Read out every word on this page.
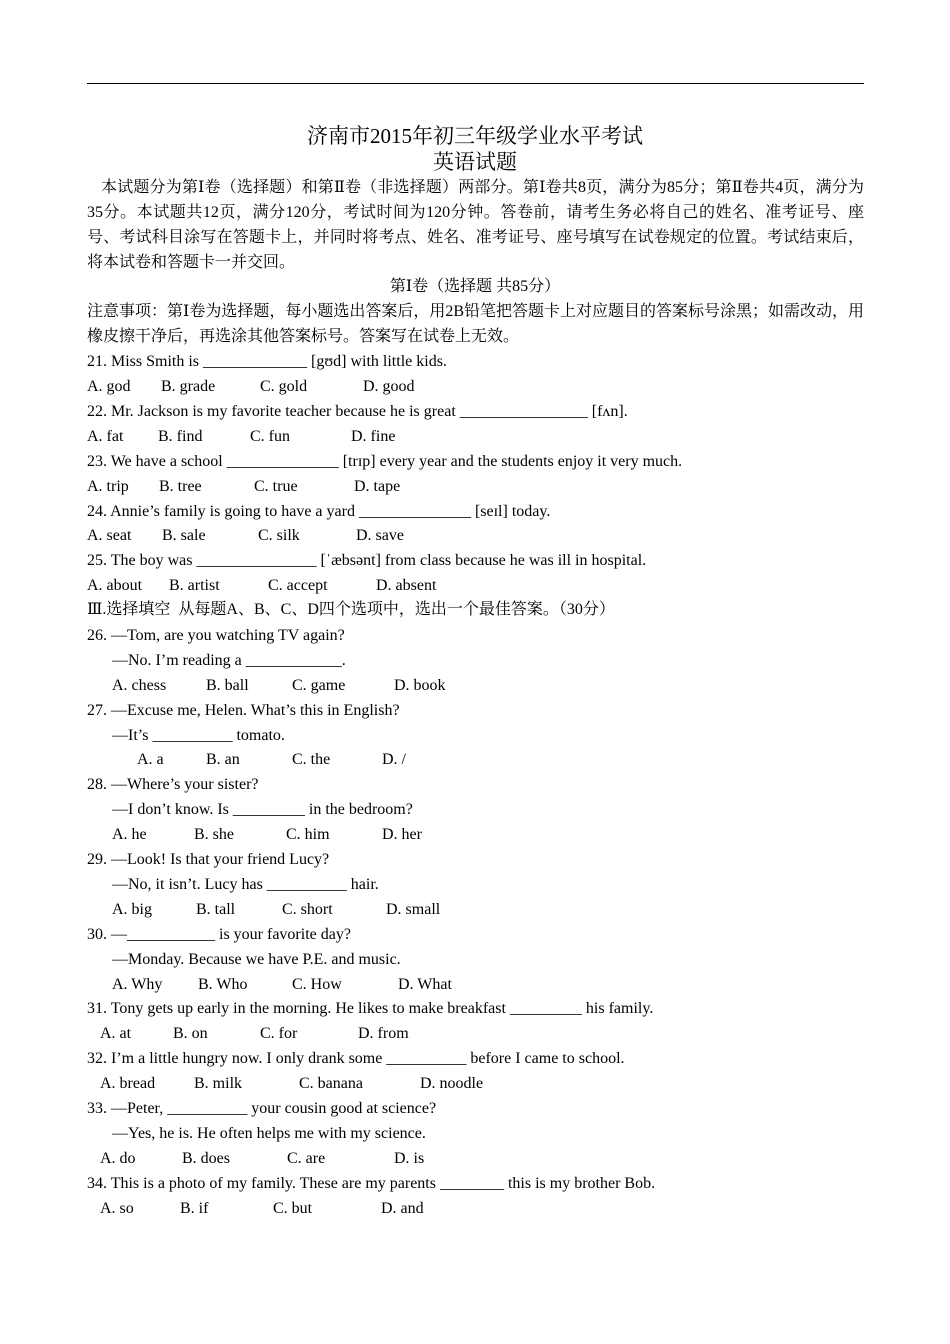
济南市2015年初三年级学业水平考试
英语试题
本试题分为第Ⅰ卷（选择题）和第Ⅱ卷（非选择题）两部分。第Ⅰ卷共8页，满分为85分；第Ⅱ卷共4页，满分为35分。本试题共12页，满分120分，考试时间为120分钟。答卷前，请考生务必将自己的姓名、准考证号、座号、考试科目涂写在答题卡上，并同时将考点、姓名、准考证号、座号填写在试卷规定的位置。考试结束后，将本试卷和答题卡一并交回。
第Ⅰ卷（选择题 共85分）
注意事项：第Ⅰ卷为选择题，每小题选出答案后，用2B铅笔把答题卡上对应题目的答案标号涂黑；如需改动，用橡皮擦干净后，再选涂其他答案标号。答案写在试卷上无效。
21. Miss Smith is _____________ [gʊd] with little kids.
A. god B. grade	C. gold	D. good
22. Mr. Jackson is my favorite teacher because he is great ________________ [fʌn].
A. fat B. find	C. fun	D. fine
23. We have a school ______________ [trɪp] every year and the students enjoy it very much.
A. trip B. tree	C. true	D. tape
24. Annie’s family is going to have a yard ______________ [seɪl] today.
A. seat B. sale	C. silk	D. save
25. The boy was _______________ [ˈæbsənt] from class because he was ill in hospital.
A. about B. artist	C. accept	D. absent
Ⅲ.选择填空  从每题A、B、C、D四个选项中，选出一个最佳答案。（30分）
26. —Tom, are you watching TV again?
—No. I’m reading a ____________.
A. chess B. ball	C. game	D. book
27. —Excuse me, Helen. What’s this in English?
—It’s __________ tomato.
A. a	B. an	C. the	D. /
28. —Where’s your sister?
—I don’t know. Is _________ in the bedroom?
A. he	B. she	C. him	D. her
29. —Look! Is that your friend Lucy?
—No, it isn’t. Lucy has __________ hair.
A. big	B. tall	C. short	D. small
30. —___________ is your favorite day?
—Monday. Because we have P.E. and music.
A. Why B. Who	C. How	D. What
31. Tony gets up early in the morning. He likes to make breakfast _________ his family.
A. at	B. on	C. for	D. from
32. I’m a little hungry now. I only drank some __________ before I came to school.
A. bread B. milk	C. banana	D. noodle
33. —Peter, __________ your cousin good at science?
—Yes, he is. He often helps me with my science.
A. do	B. does	C. are	D. is
34. This is a photo of my family. These are my parents ________ this is my brother Bob.
A. so	B. if	C. but	D. and
